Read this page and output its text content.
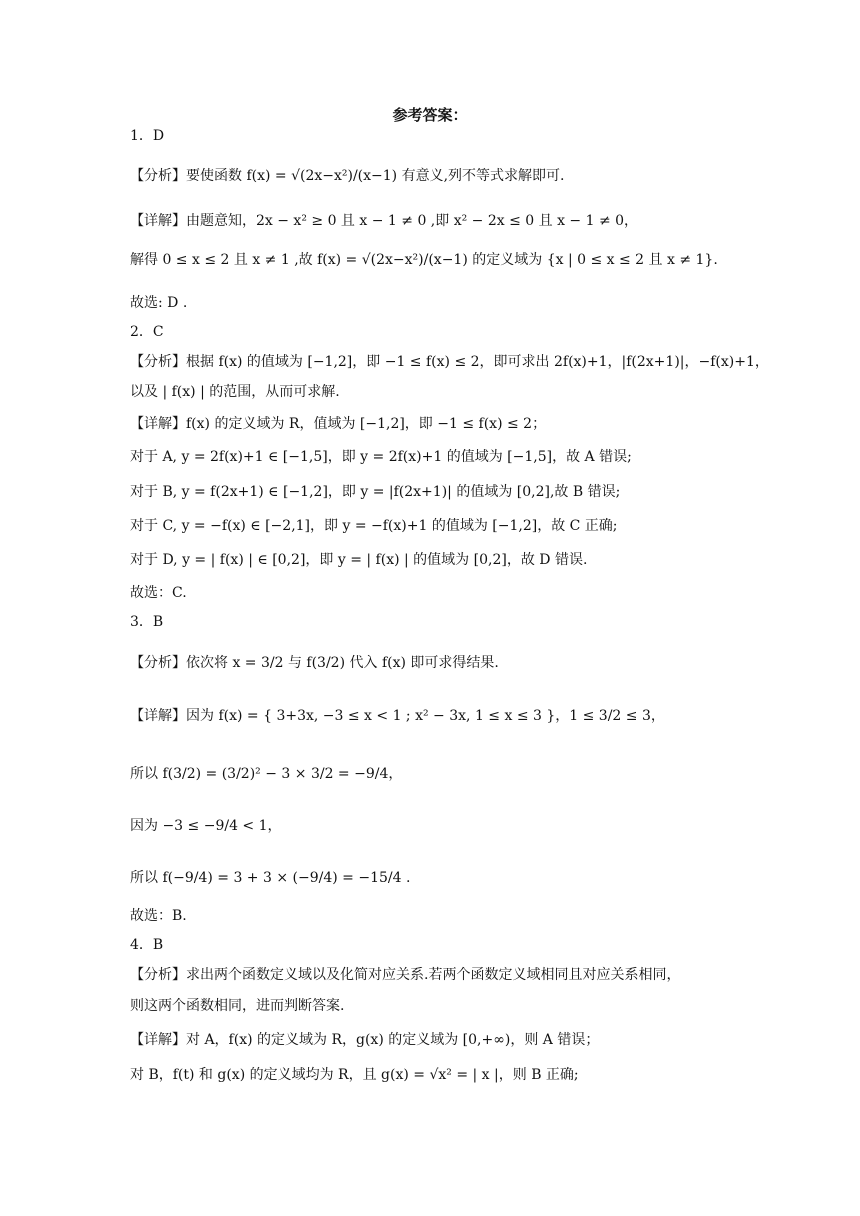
参考答案：
1．D
【分析】要使函数 f(x) = √(2x−x²)/(x−1) 有意义,列不等式求解即可.
【详解】由题意知，2x − x² ≥ 0 且 x − 1 ≠ 0 ,即 x² − 2x ≤ 0 且 x − 1 ≠ 0，
解得 0 ≤ x ≤ 2 且 x ≠ 1 ,故 f(x) = √(2x−x²)/(x−1) 的定义域为 {x | 0 ≤ x ≤ 2 且 x ≠ 1}.
故选: D .
2．C
【分析】根据 f(x) 的值域为 [−1,2]，即 −1 ≤ f(x) ≤ 2，即可求出 2f(x)+1，|f(2x+1)|，−f(x)+1，
以及 | f(x) | 的范围，从而可求解.
【详解】f(x) 的定义域为 R，值域为 [−1,2]，即 −1 ≤ f(x) ≤ 2；
对于 A, y = 2f(x)+1 ∈ [−1,5]，即 y = 2f(x)+1 的值域为 [−1,5]，故 A 错误;
对于 B, y = f(2x+1) ∈ [−1,2]，即 y = |f(2x+1)| 的值域为 [0,2],故 B 错误;
对于 C, y = −f(x) ∈ [−2,1]，即 y = −f(x)+1 的值域为 [−1,2]，故 C 正确;
对于 D, y = | f(x) | ∈ [0,2]，即 y = | f(x) | 的值域为 [0,2]，故 D 错误.
故选：C.
3．B
【分析】依次将 x = 3/2 与 f(3/2) 代入 f(x) 即可求得结果.
【详解】因为 f(x) = { 3+3x, −3 ≤ x < 1 ; x² − 3x, 1 ≤ x ≤ 3 }，1 ≤ 3/2 ≤ 3，
所以 f(3/2) = (3/2)² − 3 × 3/2 = −9/4，
因为 −3 ≤ −9/4 < 1，
所以 f(−9/4) = 3 + 3 × (−9/4) = −15/4 .
故选：B.
4．B
【分析】求出两个函数定义域以及化简对应关系.若两个函数定义域相同且对应关系相同，
则这两个函数相同，进而判断答案.
【详解】对 A，f(x) 的定义域为 R，g(x) 的定义域为 [0,+∞)，则 A 错误；
对 B，f(t) 和 g(x) 的定义域均为 R，且 g(x) = √x² = | x |，则 B 正确;
